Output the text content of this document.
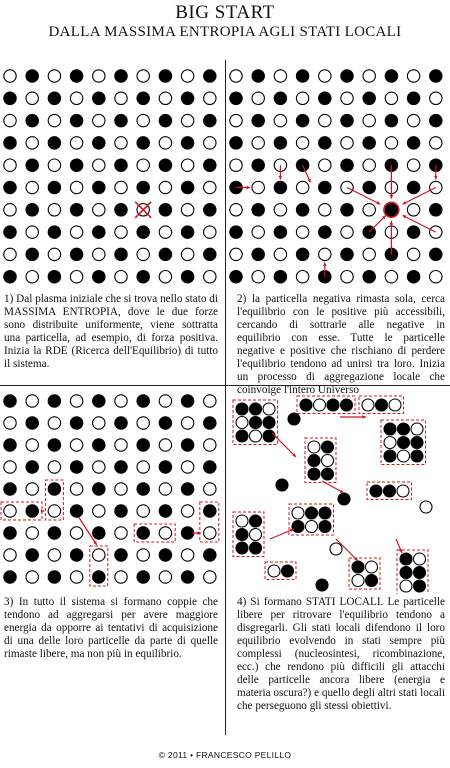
BIG START
DALLA MASSIMA ENTROPIA AGLI STATI LOCALI
1) Dal plasma iniziale che si trova nello stato di MASSIMA ENTROPIA, dove le due forze sono distribuite uniformente, viene sottratta una particella, ad esempio, di forza positiva. Inizia la RDE (Ricerca dell'Equilibrio) di tutto il sistema.
2) la particella negativa rimasta sola, cerca l'equilibrio con le positive più accessibili, cercando di sottrarle alle negative in equilibrio con esse. Tutte le particelle negative e positive che rischiano di perdere l'equilibrio tendono ad unirsi tra loro. Inizia un processo di aggregazione locale che coinvolge l'intero Universo
3) In tutto il sistema si formano coppie che tendono ad aggregarsi per avere maggiore energia da opporre ai tentativi di acquisizione di una delle loro particelle da parte di quelle rimaste libere, ma non più in equilibrio.
4) Si formano STATI LOCALI. Le particelle libere per ritrovare l'equilibrio tendono a disgregarli. Gli stati locali difendono il loro equilibrio evolvendo in stati sempre più complessi (nucleosintesi, ricombinazione, ecc.) che rendono più difficili gli attacchi delle particelle ancora libere (energia e materia oscura?) e quello degli altri stati locali che perseguono gli stessi obiettivi.
© 2011 • FRANCESCO PELILLO
